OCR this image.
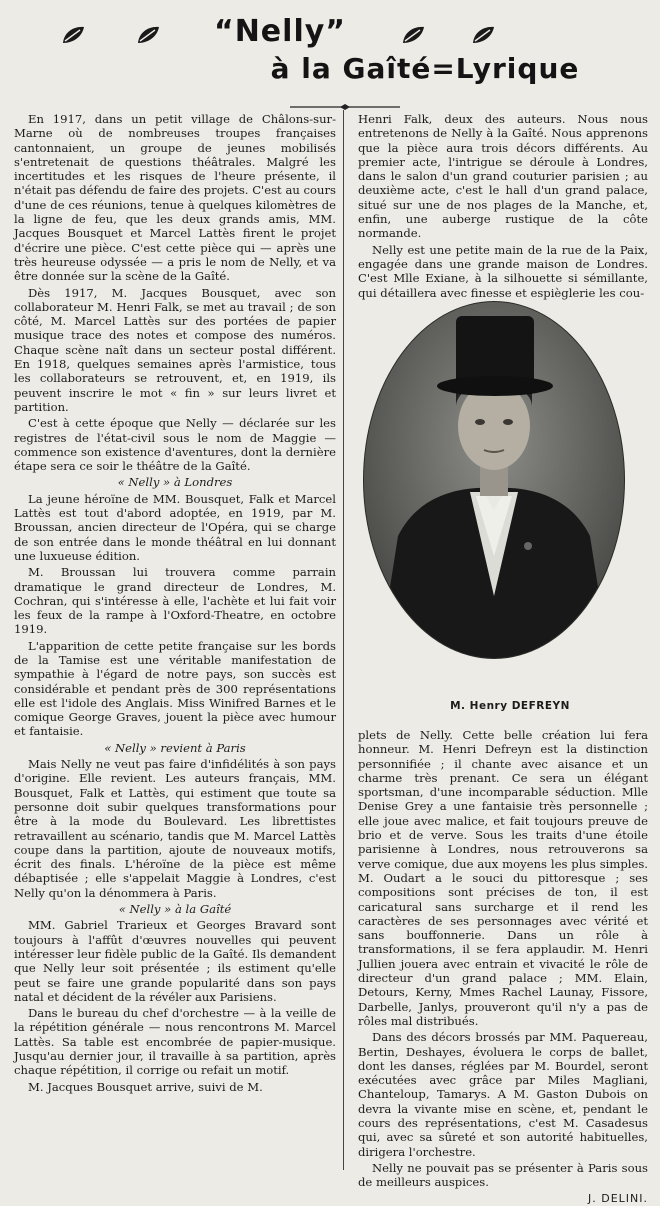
“Nelly”
à la Gaîté=Lyrique

En 1917, dans un petit village de Châlons-sur-Marne où de nombreuses troupes françaises cantonnaient, un groupe de jeunes mobilisés s'entretenait de questions théâtrales. Malgré les incertitudes et les risques de l'heure présente, il n'était pas défendu de faire des projets. C'est au cours d'une de ces réunions, tenue à quelques kilomètres de la ligne de feu, que les deux grands amis, MM. Jacques Bousquet et Marcel Lattès firent le projet d'écrire une pièce. C'est cette pièce qui — après une très heureuse odyssée — a pris le nom de Nelly, et va être donnée sur la scène de la Gaîté.

Dès 1917, M. Jacques Bousquet, avec son collaborateur M. Henri Falk, se met au travail ; de son côté, M. Marcel Lattès sur des portées de papier musique trace des notes et compose des numéros. Chaque scène naît dans un secteur postal différent. En 1918, quelques semaines après l'armistice, tous les collaborateurs se retrouvent, et, en 1919, ils peuvent inscrire le mot « fin » sur leurs livret et partition.

C'est à cette époque que Nelly — déclarée sur les registres de l'état-civil sous le nom de Maggie — commence son existence d'aventures, dont la dernière étape sera ce soir le théâtre de la Gaîté.

« Nelly » à Londres

La jeune héroïne de MM. Bousquet, Falk et Marcel Lattès est tout d'abord adoptée, en 1919, par M. Broussan, ancien directeur de l'Opéra, qui se charge de son entrée dans le monde théâtral en lui donnant une luxueuse édition.

M. Broussan lui trouvera comme parrain dramatique le grand directeur de Londres, M. Cochran, qui s'intéresse à elle, l'achète et lui fait voir les feux de la rampe à l'Oxford-Theatre, en octobre 1919.

L'apparition de cette petite française sur les bords de la Tamise est une véritable manifestation de sympathie à l'égard de notre pays, son succès est considérable et pendant près de 300 représentations elle est l'idole des Anglais. Miss Winifred Barnes et le comique George Graves, jouent la pièce avec humour et fantaisie.

« Nelly » revient à Paris

Mais Nelly ne veut pas faire d'infidélités à son pays d'origine. Elle revient. Les auteurs français, MM. Bousquet, Falk et Lattès, qui estiment que toute sa personne doit subir quelques transformations pour être à la mode du Boulevard. Les librettistes retravaillent au scénario, tandis que M. Marcel Lattès coupe dans la partition, ajoute de nouveaux motifs, écrit des finals. L'héroïne de la pièce est même débaptisée ; elle s'appelait Maggie à Londres, c'est Nelly qu'on la dénommera à Paris.

« Nelly » à la Gaîté

MM. Gabriel Trarieux et Georges Bravard sont toujours à l'affût d'œuvres nouvelles qui peuvent intéresser leur fidèle public de la Gaîté. Ils demandent que Nelly leur soit présentée ; ils estiment qu'elle peut se faire une grande popularité dans son pays natal et décident de la révéler aux Parisiens.

Dans le bureau du chef d'orchestre — à la veille de la répétition générale — nous rencontrons M. Marcel Lattès. Sa table est encombrée de papier-musique. Jusqu'au dernier jour, il travaille à sa partition, après chaque répétition, il corrige ou refait un motif.

M. Jacques Bousquet arrive, suivi de M.

Henri Falk, deux des auteurs. Nous nous entretenons de Nelly à la Gaîté. Nous apprenons que la pièce aura trois décors différents. Au premier acte, l'intrigue se déroule à Londres, dans le salon d'un grand couturier parisien ; au deuxième acte, c'est le hall d'un grand palace, situé sur une de nos plages de la Manche, et, enfin, une auberge rustique de la côte normande.

Nelly est une petite main de la rue de la Paix, engagée dans une grande maison de Londres. C'est Mlle Exiane, à la silhouette si sémillante, qui détaillera avec finesse et espièglerie les cou-

M. Henry DEFREYN

plets de Nelly. Cette belle création lui fera honneur. M. Henri Defreyn est la distinction personnifiée ; il chante avec aisance et un charme très prenant. Ce sera un élégant sportsman, d'une incomparable séduction. Mlle Denise Grey a une fantaisie très personnelle ; elle joue avec malice, et fait toujours preuve de brio et de verve. Sous les traits d'une étoile parisienne à Londres, nous retrouverons sa verve comique, due aux moyens les plus simples. M. Oudart a le souci du pittoresque ; ses compositions sont précises de ton, il est caricatural sans surcharge et il rend les caractères de ses personnages avec vérité et sans bouffonnerie. Dans un rôle à transformations, il se fera applaudir. M. Henri Jullien jouera avec entrain et vivacité le rôle de directeur d'un grand palace ; MM. Elain, Detours, Kerny, Mmes Rachel Launay, Fissore, Darbelle, Janlys, prouveront qu'il n'y a pas de rôles mal distribués.

Dans des décors brossés par MM. Paquereau, Bertin, Deshayes, évoluera le corps de ballet, dont les danses, réglées par M. Bourdel, seront exécutées avec grâce par Miles Magliani, Chanteloup, Tamarys. A M. Gaston Dubois on devra la vivante mise en scène, et, pendant le cours des représentations, c'est M. Casadesus qui, avec sa sûreté et son autorité habituelles, dirigera l'orchestre.

Nelly ne pouvait pas se présenter à Paris sous de meilleurs auspices.

J. DELINI.
